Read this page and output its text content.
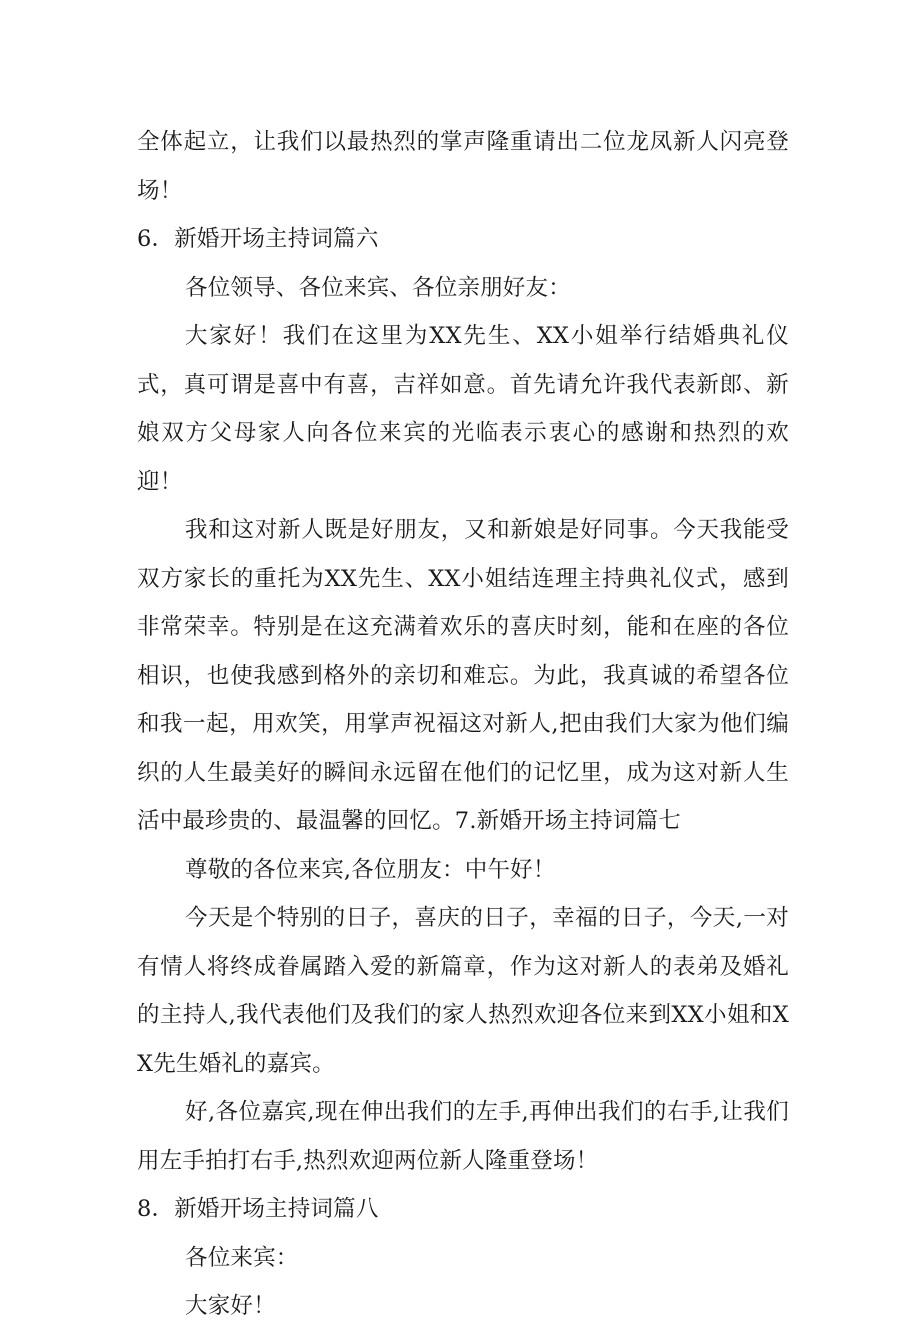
全体起立，让我们以最热烈的掌声隆重请出二位龙凤新人闪亮登场！

6．新婚开场主持词篇六

各位领导、各位来宾、各位亲朋好友：

大家好！我们在这里为XX先生、XX小姐举行结婚典礼仪式，真可谓是喜中有喜，吉祥如意。首先请允许我代表新郎、新娘双方父母家人向各位来宾的光临表示衷心的感谢和热烈的欢迎！

我和这对新人既是好朋友，又和新娘是好同事。今天我能受双方家长的重托为XX先生、XX小姐结连理主持典礼仪式，感到非常荣幸。特别是在这充满着欢乐的喜庆时刻，能和在座的各位相识，也使我感到格外的亲切和难忘。为此，我真诚的希望各位和我一起，用欢笑，用掌声祝福这对新人,把由我们大家为他们编织的人生最美好的瞬间永远留在他们的记忆里，成为这对新人生活中最珍贵的、最温馨的回忆。7.新婚开场主持词篇七

尊敬的各位来宾,各位朋友：中午好！

今天是个特别的日子，喜庆的日子，幸福的日子，今天,一对有情人将终成眷属踏入爱的新篇章，作为这对新人的表弟及婚礼的主持人,我代表他们及我们的家人热烈欢迎各位来到XX小姐和XX先生婚礼的嘉宾。

好,各位嘉宾,现在伸出我们的左手,再伸出我们的右手,让我们用左手拍打右手,热烈欢迎两位新人隆重登场！

8．新婚开场主持词篇八

各位来宾：

大家好！
